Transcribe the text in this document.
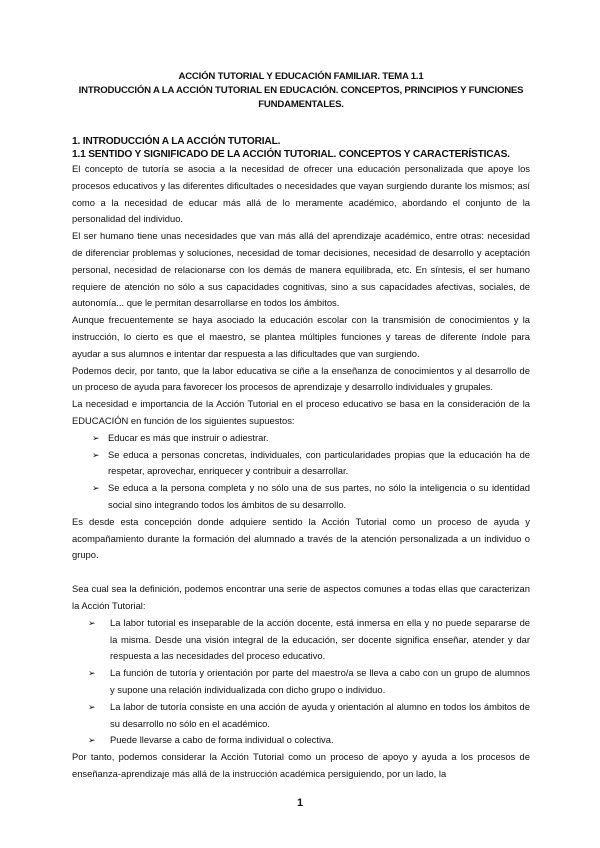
ACCIÓN TUTORIAL Y EDUCACIÓN FAMILIAR. TEMA 1.1
INTRODUCCIÓN A LA ACCIÓN TUTORIAL EN EDUCACIÓN. CONCEPTOS, PRINCIPIOS Y FUNCIONES
FUNDAMENTALES.
1. INTRODUCCIÓN A LA ACCIÓN TUTORIAL.
1.1 SENTIDO Y SIGNIFICADO DE LA ACCIÓN TUTORIAL. CONCEPTOS Y CARACTERÍSTICAS.

El concepto de tutoría se asocia a la necesidad de ofrecer una educación personalizada que apoye los procesos educativos y las diferentes dificultades o necesidades que vayan surgiendo durante los mismos; así como a la necesidad de educar más allá de lo meramente académico, abordando el conjunto de la personalidad del individuo.

El ser humano tiene unas necesidades que van más allá del aprendizaje académico, entre otras: necesidad de diferenciar problemas y soluciones, necesidad de tomar decisiones, necesidad de desarrollo y aceptación personal, necesidad de relacionarse con los demás de manera equilibrada, etc. En síntesis, el ser humano requiere de atención no sólo a sus capacidades cognitivas, sino a sus capacidades afectivas, sociales, de autonomía... que le permitan desarrollarse en todos los ámbitos.

Aunque frecuentemente se haya asociado la educación escolar con la transmisión de conocimientos y la instrucción, lo cierto es que el maestro, se plantea múltiples funciones y tareas de diferente índole para ayudar a sus alumnos e intentar dar respuesta a las dificultades que van surgiendo.

Podemos decir, por tanto, que la labor educativa se ciñe a la enseñanza de conocimientos y al desarrollo de un proceso de ayuda para favorecer los procesos de aprendizaje y desarrollo individuales y grupales.

La necesidad e importancia de la Acción Tutorial en el proceso educativo se basa en la consideración de la EDUCACIÓN en función de los siguientes supuestos:

➢ Educar es más que instruir o adiestrar.
➢ Se educa a personas concretas, individuales, con particularidades propias que la educación ha de respetar, aprovechar, enriquecer y contribuir a desarrollar.
➢ Se educa a la persona completa y no sólo una de sus partes, no sólo la inteligencia o su identidad social sino integrando todos los ámbitos de su desarrollo.

Es desde esta concepción donde adquiere sentido la Acción Tutorial como un proceso de ayuda y acompañamiento durante la formación del alumnado a través de la atención personalizada a un individuo o grupo.

Sea cual sea la definición, podemos encontrar una serie de aspectos comunes a todas ellas que caracterizan la Acción Tutorial:

➢ La labor tutorial es inseparable de la acción docente, está inmersa en ella y no puede separarse de la misma. Desde una visión integral de la educación, ser docente significa enseñar, atender y dar respuesta a las necesidades del proceso educativo.
➢ La función de tutoría y orientación por parte del maestro/a se lleva a cabo con un grupo de alumnos y supone una relación individualizada con dicho grupo o individuo.
➢ La labor de tutoría consiste en una acción de ayuda y orientación al alumno en todos los ámbitos de su desarrollo no sólo en el académico.
➢ Puede llevarse a cabo de forma individual o colectiva.

Por tanto, podemos considerar la Acción Tutorial como un proceso de apoyo y ayuda a los procesos de enseñanza-aprendizaje más allá de la instrucción académica persiguiendo, por un lado, la

1
